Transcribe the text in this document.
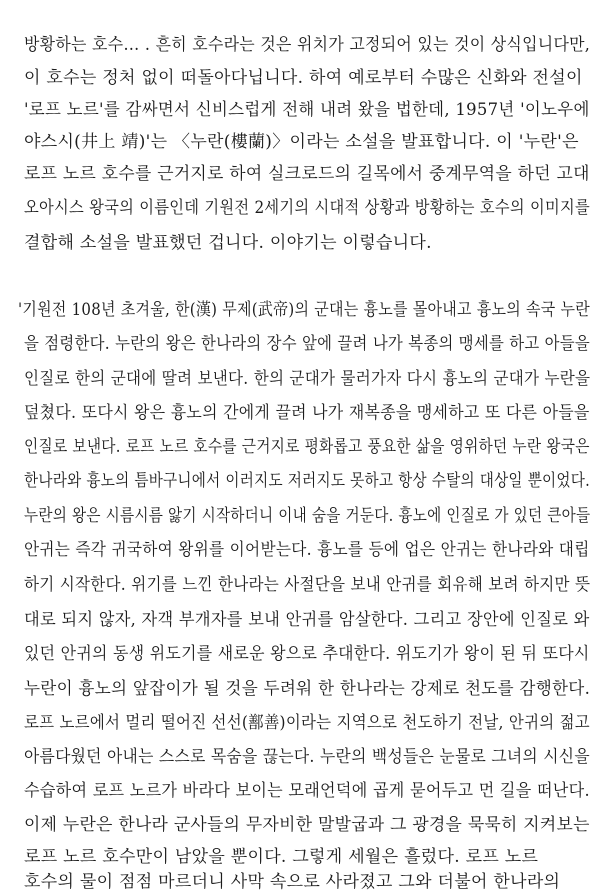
방황하는 호수… . 흔히 호수라는 것은 위치가 고정되어 있는 것이 상식입니다만,
이 호수는 정처 없이 떠돌아다닙니다. 하여 예로부터 수많은 신화와 전설이
'로프 노르'를 감싸면서 신비스럽게 전해 내려 왔을 법한데, 1957년 '이노우에
야스시(井上 靖)'는 〈누란(樓蘭)〉이라는 소설을 발표합니다. 이 '누란'은
로프 노르 호수를 근거지로 하여 실크로드의 길목에서 중계무역을 하던 고대
오아시스 왕국의 이름인데 기원전 2세기의 시대적 상황과 방황하는 호수의 이미지를
결합해 소설을 발표했던 겁니다. 이야기는 이렇습니다.
'기원전 108년 초겨울, 한(漢) 무제(武帝)의 군대는 흉노를 몰아내고 흉노의 속국 누란
을 점령한다. 누란의 왕은 한나라의 장수 앞에 끌려 나가 복종의 맹세를 하고 아들을
인질로 한의 군대에 딸려 보낸다. 한의 군대가 물러가자 다시 흉노의 군대가 누란을
덮쳤다. 또다시 왕은 흉노의 간에게 끌려 나가 재복종을 맹세하고 또 다른 아들을
인질로 보낸다. 로프 노르 호수를 근거지로 평화롭고 풍요한 삶을 영위하던 누란 왕국은
한나라와 흉노의 틈바구니에서 이러지도 저러지도 못하고 항상 수탈의 대상일 뿐이었다.
누란의 왕은 시름시름 앓기 시작하더니 이내 숨을 거둔다. 흉노에 인질로 가 있던 큰아들
안귀는 즉각 귀국하여 왕위를 이어받는다. 흉노를 등에 업은 안귀는 한나라와 대립
하기 시작한다. 위기를 느낀 한나라는 사절단을 보내 안귀를 회유해 보려 하지만 뜻
대로 되지 않자, 자객 부개자를 보내 안귀를 암살한다. 그리고 장안에 인질로 와
있던 안귀의 동생 위도기를 새로운 왕으로 추대한다. 위도기가 왕이 된 뒤 또다시
누란이 흉노의 앞잡이가 될 것을 두려워 한 한나라는 강제로 천도를 감행한다.
로프 노르에서 멀리 떨어진 선선(鄯善)이라는 지역으로 천도하기 전날, 안귀의 젊고
아름다웠던 아내는 스스로 목숨을 끊는다. 누란의 백성들은 눈물로 그녀의 시신을
수습하여 로프 노르가 바라다 보이는 모래언덕에 곱게 묻어두고 먼 길을 떠난다.
이제 누란은 한나라 군사들의 무자비한 말발굽과 그 광경을 묵묵히 지켜보는
로프 노르 호수만이 남았을 뿐이다. 그렇게 세월은 흘렀다. 로프 노르
호수의 물이 점점 마르더니 사막 속으로 사라졌고 그와 더불어 한나라의
